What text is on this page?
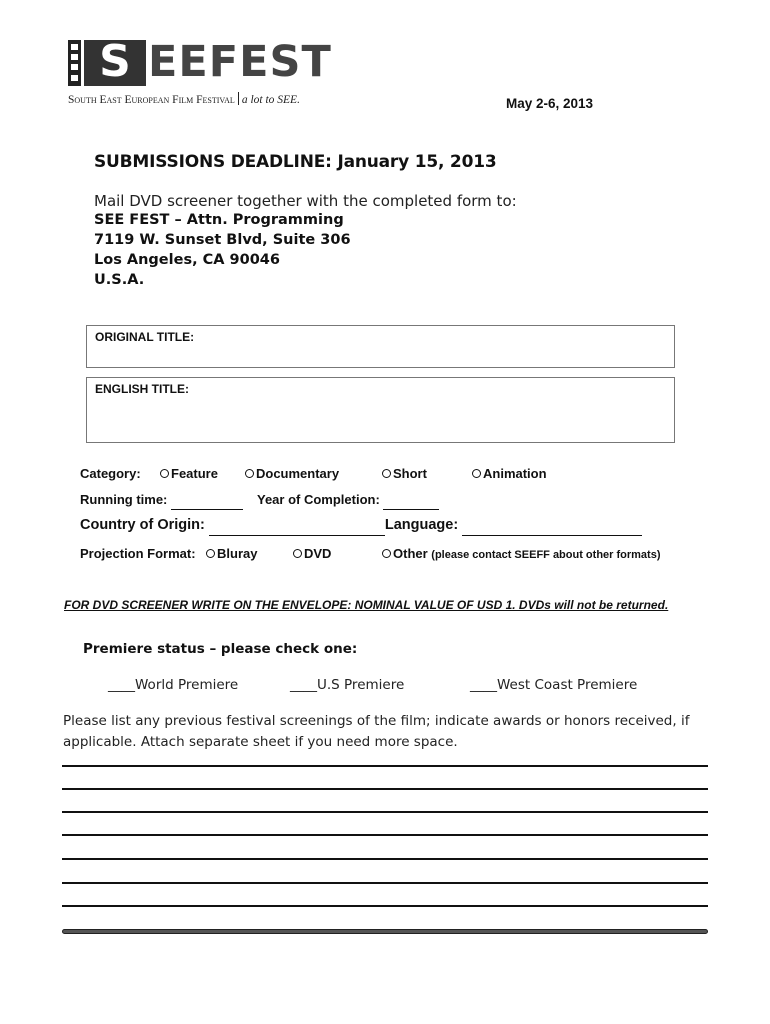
S EEFEST
South East European Film Festival a lot to SEE.	May 2-6, 2013
SUBMISSIONS DEADLINE: January 15, 2013
Mail DVD screener together with the completed form to:
SEE FEST – Attn. Programming
7119 W. Sunset Blvd, Suite 306
Los Angeles, CA 90046
U.S.A.
ORIGINAL TITLE:
ENGLISH TITLE:
Category:	Feature	Documentary	Short	Animation
Running time:	Year of Completion:
Country of Origin:	Language:
Projection Format:	Bluray	DVD	Other (please contact SEEFF about other formats)
FOR DVD SCREENER WRITE ON THE ENVELOPE: NOMINAL VALUE OF USD 1. DVDs will not be returned.
Premiere status – please check one:
____World Premiere	____U.S Premiere	____West Coast Premiere
Please list any previous festival screenings of the film; indicate awards or honors received, if applicable. Attach separate sheet if you need more space.
